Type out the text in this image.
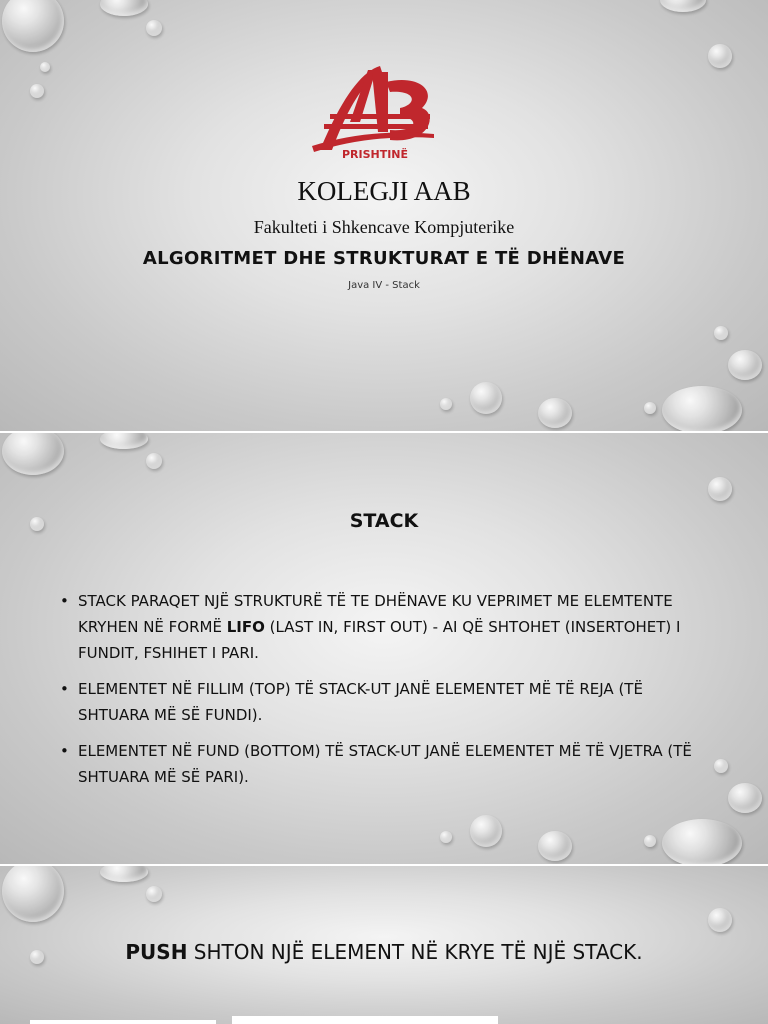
PRISHTINË
KOLEGJI AAB
Fakulteti i Shkencave Kompjuterike
ALGORITMET DHE STRUKTURAT E TË DHËNAVE
Java IV - Stack
STACK
• STACK PARAQET NJË STRUKTURË TË TE DHËNAVE KU VEPRIMET ME ELEMTENTE KRYHEN NË FORMË LIFO (LAST IN, FIRST OUT) - AI QË SHTOHET (INSERTOHET) I FUNDIT, FSHIHET I PARI.
• ELEMENTET NË FILLIM (TOP) TË STACK-UT JANË ELEMENTET MË TË REJA (TË SHTUARA MË SË FUNDI).
• ELEMENTET NË FUND (BOTTOM) TË STACK-UT JANË ELEMENTET MË TË VJETRA (TË SHTUARA MË SË PARI).
PUSH SHTON NJË ELEMENT NË KRYE TË NJË STACK.
